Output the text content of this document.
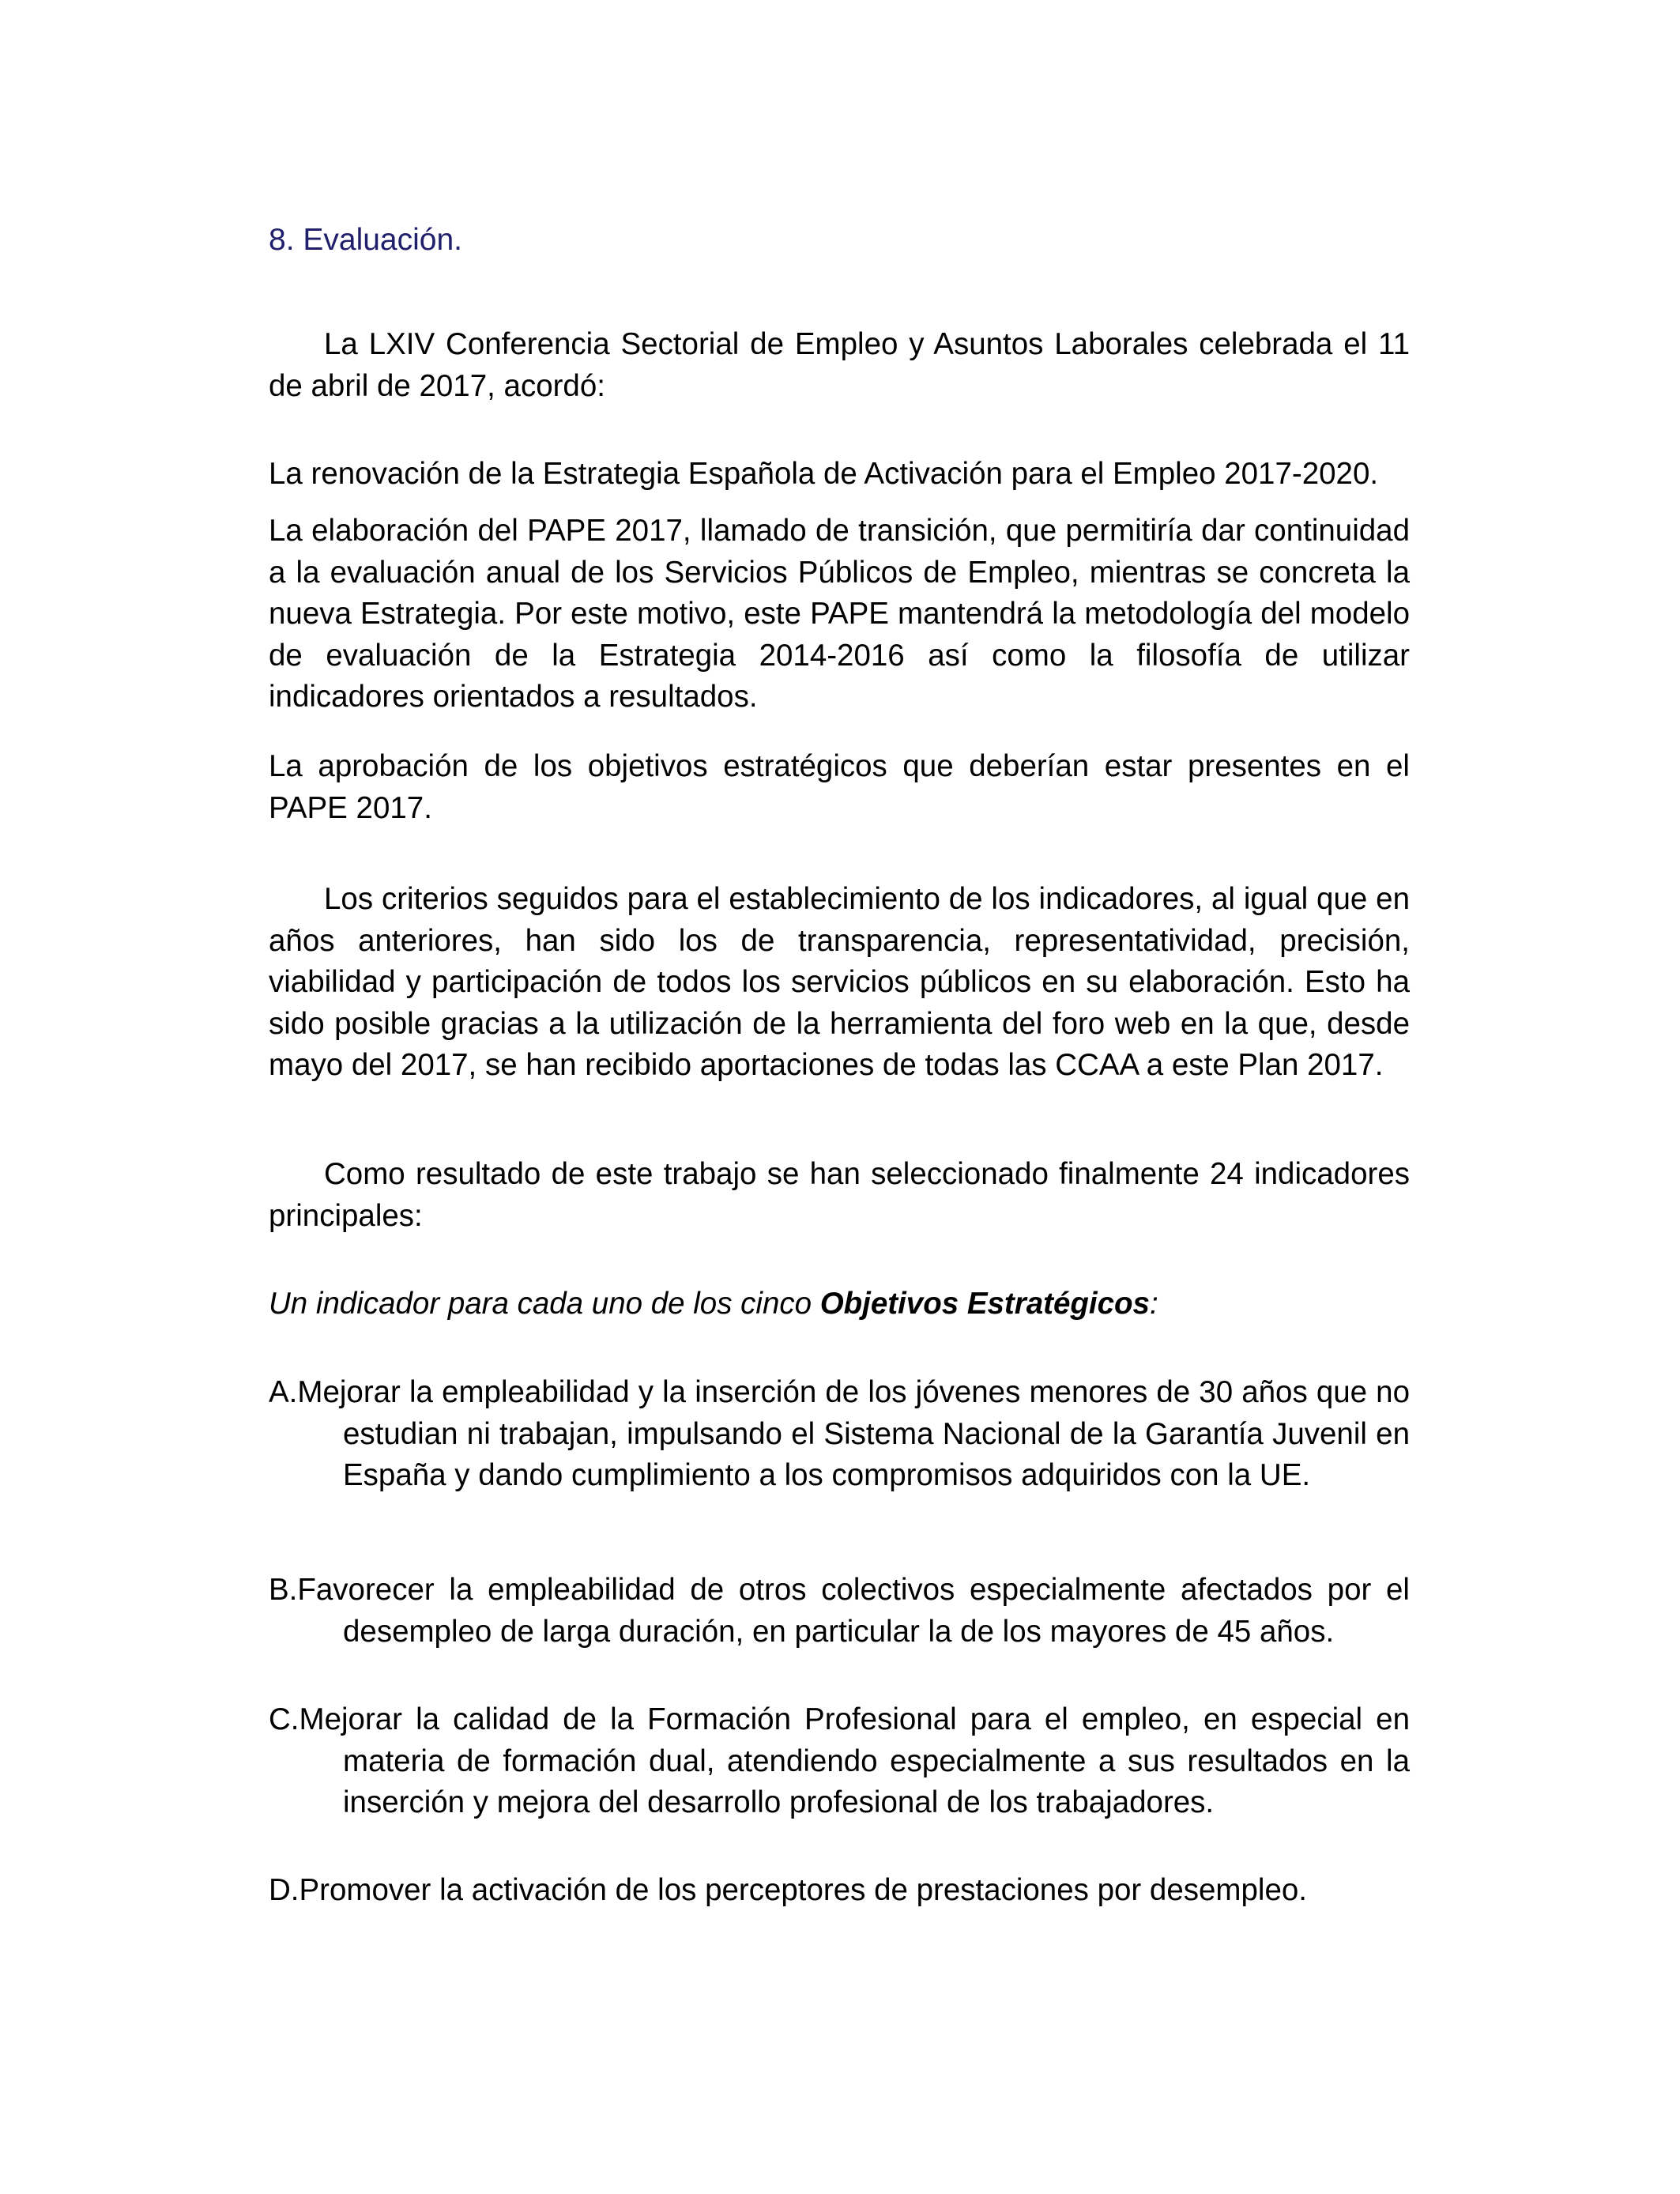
8. Evaluación.

La LXIV Conferencia Sectorial de Empleo y Asuntos Laborales celebrada el 11 de abril de 2017, acordó:

La renovación de la Estrategia Española de Activación para el Empleo 2017-2020.

La elaboración del PAPE 2017, llamado de transición, que permitiría dar continuidad a la evaluación anual de los Servicios Públicos de Empleo, mientras se concreta la nueva Estrategia. Por este motivo, este PAPE mantendrá la metodología del modelo de evaluación de la Estrategia 2014-2016 así como la filosofía de utilizar indicadores orientados a resultados.

La aprobación de los objetivos estratégicos que deberían estar presentes en el PAPE 2017.

Los criterios seguidos para el establecimiento de los indicadores, al igual que en años anteriores, han sido los de transparencia, representatividad, precisión, viabilidad y participación de todos los servicios públicos en su elaboración. Esto ha sido posible gracias a la utilización de la herramienta del foro web en la que, desde mayo del 2017, se han recibido aportaciones de todas las CCAA a este Plan 2017.

Como resultado de este trabajo se han seleccionado finalmente 24 indicadores principales:

Un indicador para cada uno de los cinco Objetivos Estratégicos:

A.Mejorar la empleabilidad y la inserción de los jóvenes menores de 30 años que no estudian ni trabajan, impulsando el Sistema Nacional de la Garantía Juvenil en España y dando cumplimiento a los compromisos adquiridos con la UE.

B.Favorecer la empleabilidad de otros colectivos especialmente afectados por el desempleo de larga duración, en particular la de los mayores de 45 años.

C.Mejorar la calidad de la Formación Profesional para el empleo, en especial en materia de formación dual, atendiendo especialmente a sus resultados en la inserción y mejora del desarrollo profesional de los trabajadores.

D.Promover la activación de los perceptores de prestaciones por desempleo.
